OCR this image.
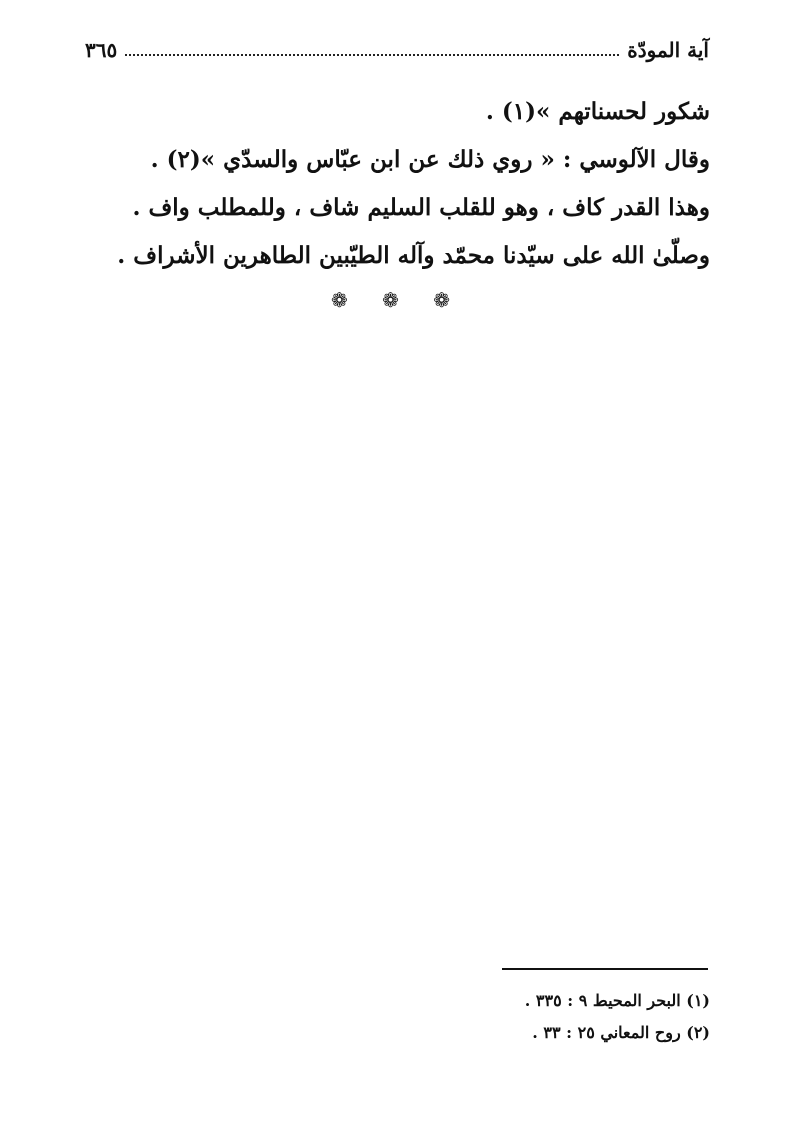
آية المودّة
٣٦٥
شكور لحسناتهم »(١) .
وقال الآلوسي : « روي ذلك عن ابن عبّاس والسدّي »(٢) .
وهذا القدر كاف ، وهو للقلب السليم شاف ، وللمطلب واف .
وصلّىٰ الله على سيّدنا محمّد وآله الطيّبين الطاهرين الأشراف .
❁ ❁ ❁
(١) البحر المحيط ٩ : ٣٣٥ .
(٢) روح المعاني ٢٥ : ٣٣ .
